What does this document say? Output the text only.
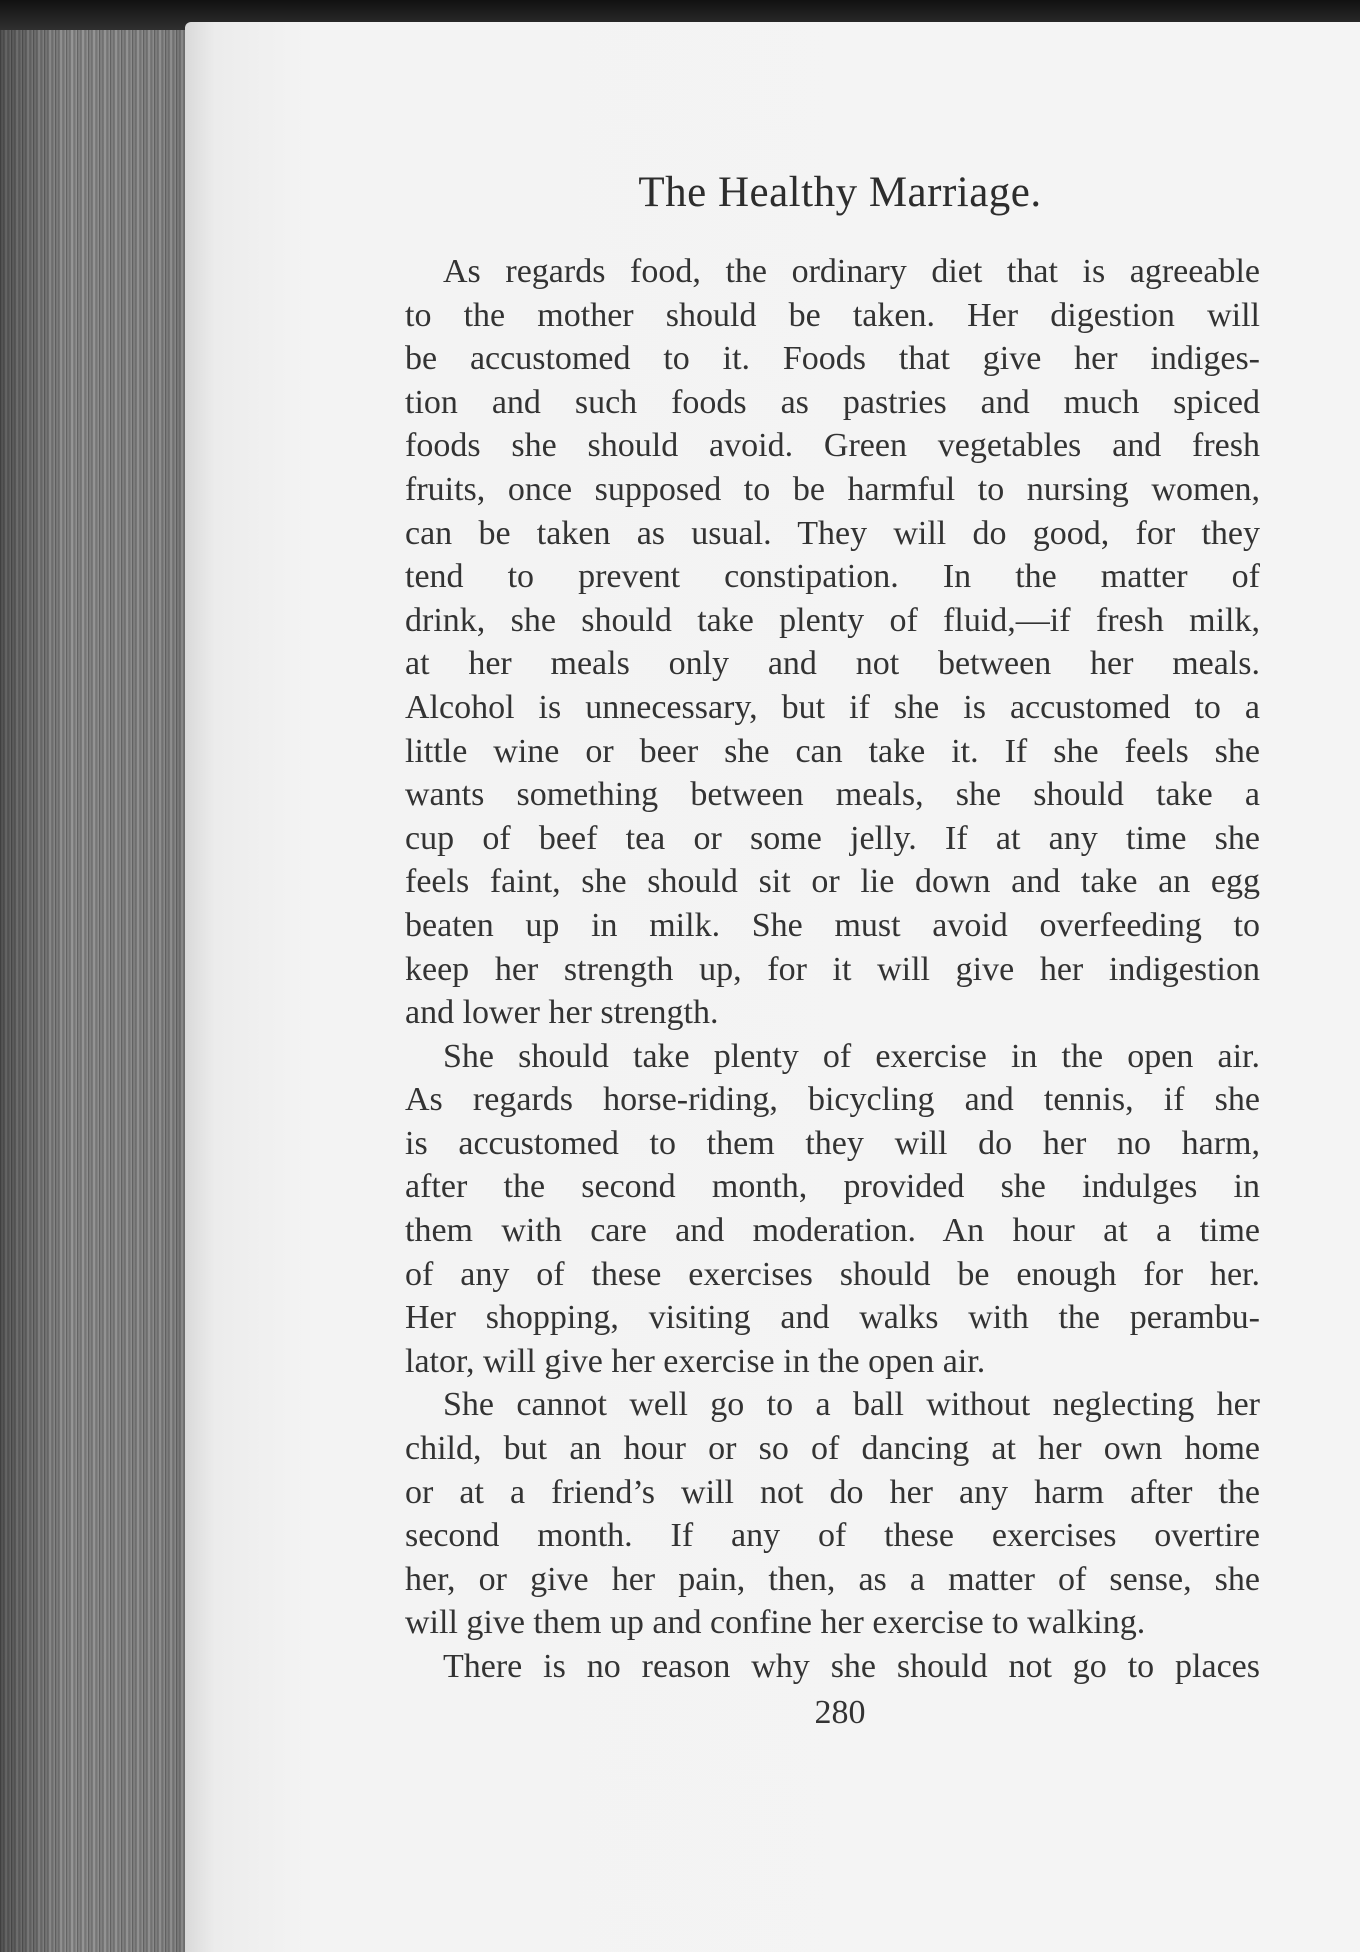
The Healthy Marriage.
As regards food, the ordinary diet that is agreeable
to the mother should be taken. Her digestion will
be accustomed to it. Foods that give her indiges-
tion and such foods as pastries and much spiced
foods she should avoid. Green vegetables and fresh
fruits, once supposed to be harmful to nursing women,
can be taken as usual. They will do good, for they
tend to prevent constipation. In the matter of
drink, she should take plenty of fluid,—if fresh milk,
at her meals only and not between her meals.
Alcohol is unnecessary, but if she is accustomed to a
little wine or beer she can take it. If she feels she
wants something between meals, she should take a
cup of beef tea or some jelly. If at any time she
feels faint, she should sit or lie down and take an egg
beaten up in milk. She must avoid overfeeding to
keep her strength up, for it will give her indigestion
and lower her strength.
She should take plenty of exercise in the open air.
As regards horse-riding, bicycling and tennis, if she
is accustomed to them they will do her no harm,
after the second month, provided she indulges in
them with care and moderation. An hour at a time
of any of these exercises should be enough for her.
Her shopping, visiting and walks with the perambu-
lator, will give her exercise in the open air.
She cannot well go to a ball without neglecting her
child, but an hour or so of dancing at her own home
or at a friend’s will not do her any harm after the
second month. If any of these exercises overtire
her, or give her pain, then, as a matter of sense, she
will give them up and confine her exercise to walking.
There is no reason why she should not go to places
280
